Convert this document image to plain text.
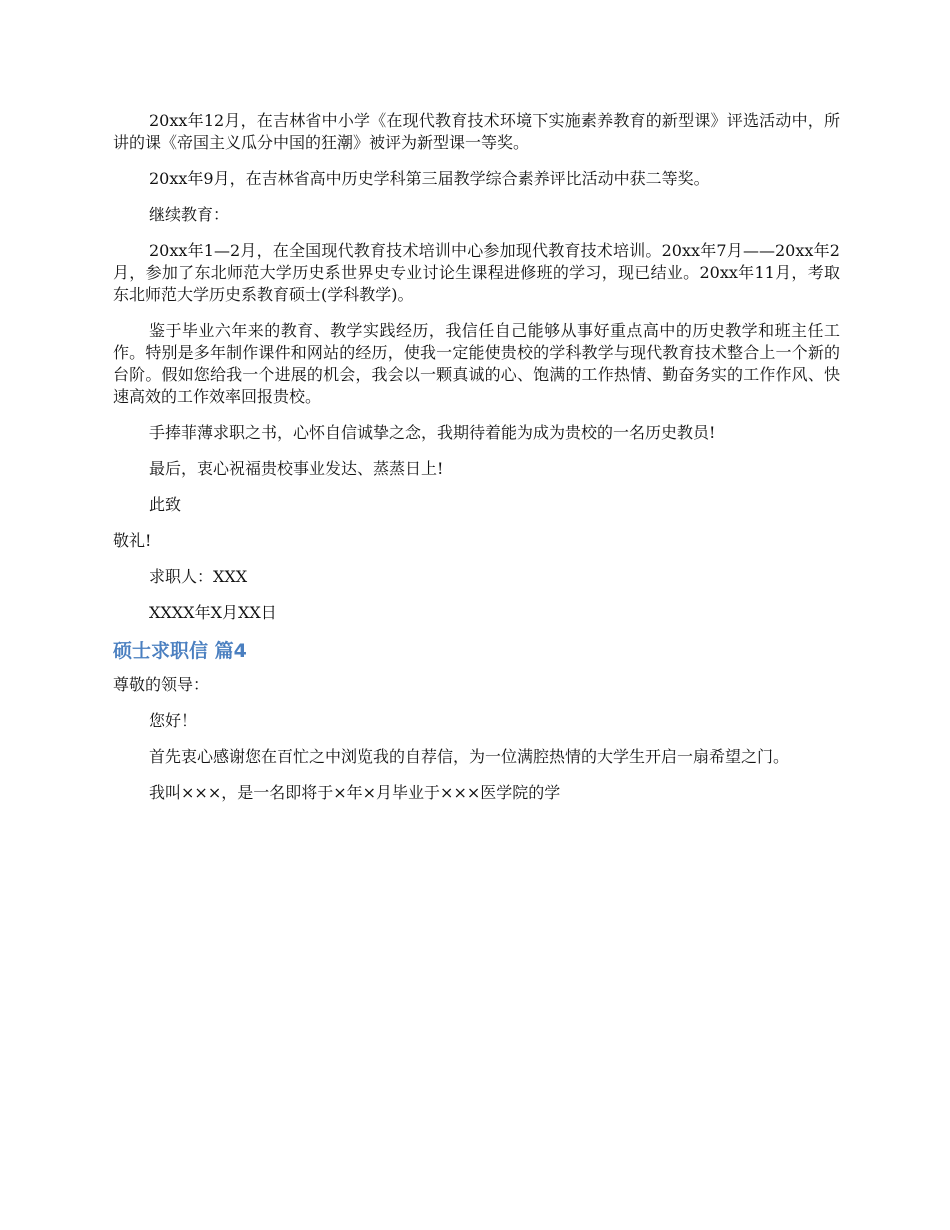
20xx年12月，在吉林省中小学《在现代教育技术环境下实施素养教育的新型课》评选活动中，所讲的课《帝国主义瓜分中国的狂潮》被评为新型课一等奖。

20xx年9月，在吉林省高中历史学科第三届教学综合素养评比活动中获二等奖。

继续教育：

20xx年1—2月，在全国现代教育技术培训中心参加现代教育技术培训。20xx年7月——20xx年2月，参加了东北师范大学历史系世界史专业讨论生课程进修班的学习，现已结业。20xx年11月，考取东北师范大学历史系教育硕士(学科教学)。

鉴于毕业六年来的教育、教学实践经历，我信任自己能够从事好重点高中的历史教学和班主任工作。特别是多年制作课件和网站的经历，使我一定能使贵校的学科教学与现代教育技术整合上一个新的台阶。假如您给我一个进展的机会，我会以一颗真诚的心、饱满的工作热情、勤奋务实的工作作风、快速高效的工作效率回报贵校。

手捧菲薄求职之书，心怀自信诚挚之念，我期待着能为成为贵校的一名历史教员!

最后，衷心祝福贵校事业发达、蒸蒸日上!

此致

敬礼!

求职人：XXX

XXXX年X月XX日

硕士求职信 篇4

尊敬的领导：

您好！

首先衷心感谢您在百忙之中浏览我的自荐信，为一位满腔热情的大学生开启一扇希望之门。

我叫×××，是一名即将于×年×月毕业于×××医学院的学
